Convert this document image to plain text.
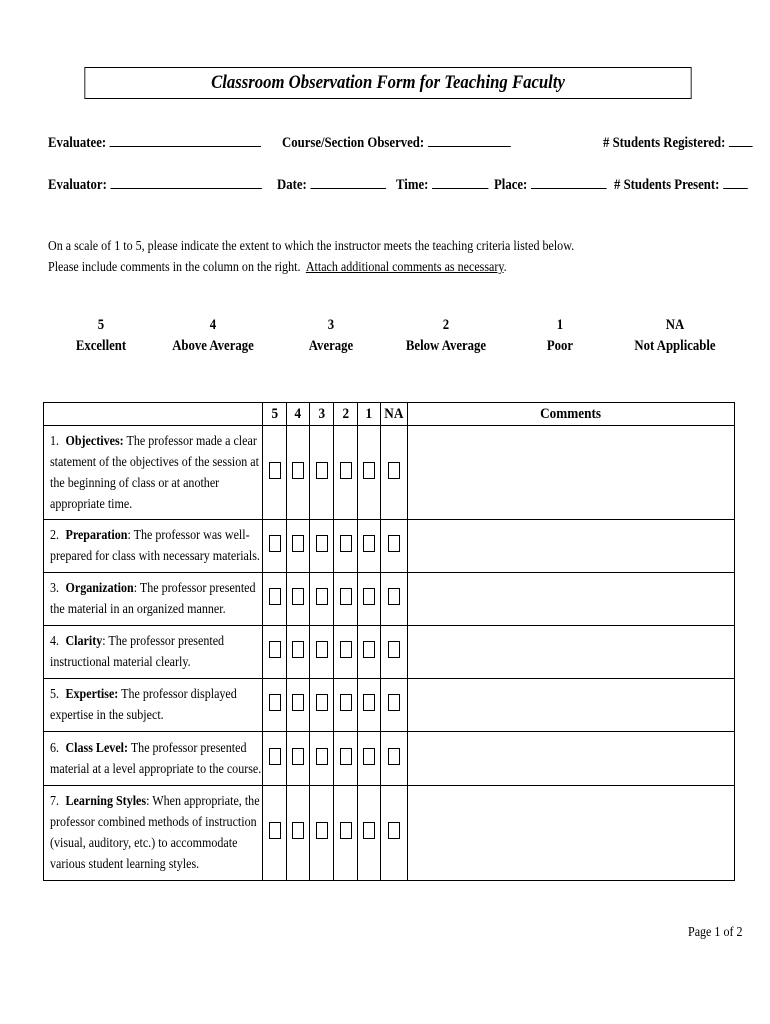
Classroom Observation Form for Teaching Faculty
Evaluatee:	Course/Section Observed:	# Students Registered:
Evaluator:	Date:	Time:	Place:	# Students Present:
On a scale of 1 to 5, please indicate the extent to which the instructor meets the teaching criteria listed below.
Please include comments in the column on the right. Attach additional comments as necessary.
5
Excellent
4
Above Average
3
Average
2
Below Average
1
Poor
NA
Not Applicable
	5	4	3	2	1	NA	Comments

1. Objectives: The professor made a clear statement of the objectives of the session at the beginning of class or at another appropriate time.							

2. Preparation: The professor was well-prepared for class with necessary materials.							

3. Organization: The professor presented the material in an organized manner.							

4. Clarity: The professor presented instructional material clearly.							

5. Expertise: The professor displayed expertise in the subject.							

6. Class Level: The professor presented material at a level appropriate to the course.							

7. Learning Styles: When appropriate, the professor combined methods of instruction (visual, auditory, etc.) to accommodate various student learning styles.							

Page 1 of 2
